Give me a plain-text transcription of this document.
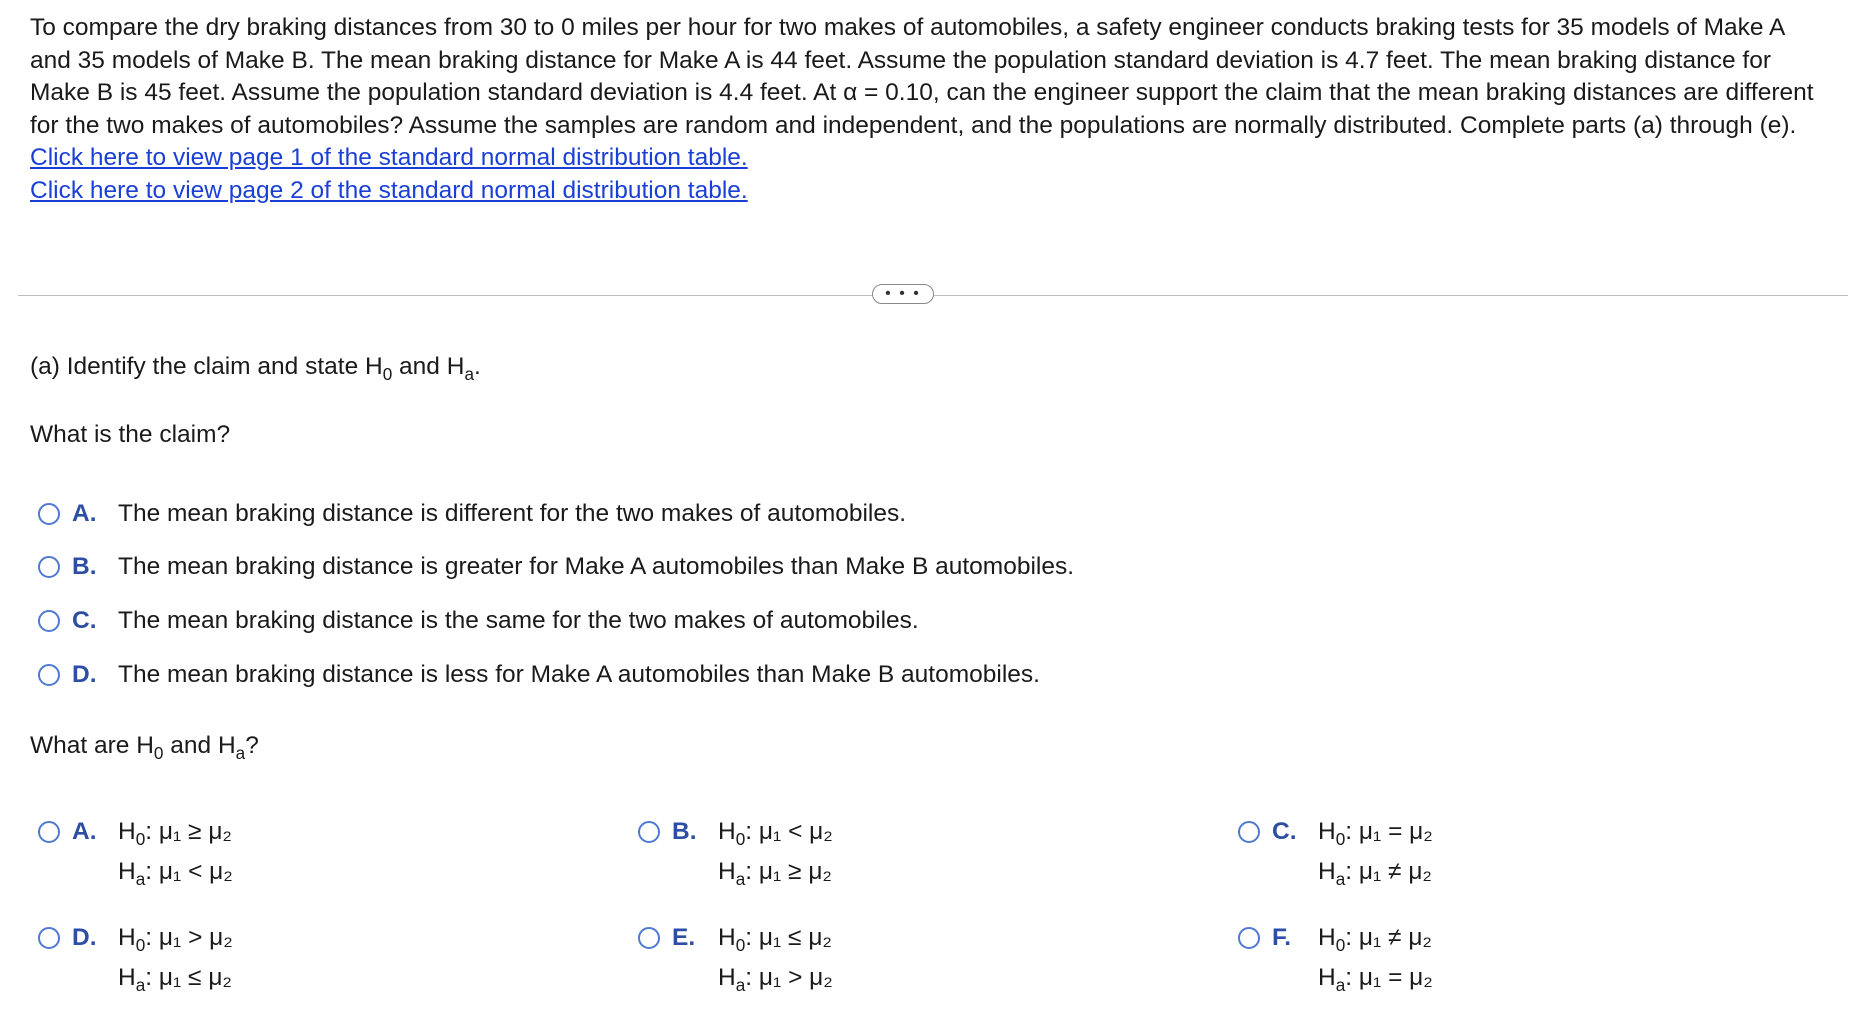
To compare the dry braking distances from 30 to 0 miles per hour for two makes of automobiles, a safety engineer conducts braking tests for 35 models of Make A and 35 models of Make B. The mean braking distance for Make A is 44 feet. Assume the population standard deviation is 4.7 feet. The mean braking distance for Make B is 45 feet. Assume the population standard deviation is 4.4 feet. At α = 0.10, can the engineer support the claim that the mean braking distances are different for the two makes of automobiles? Assume the samples are random and independent, and the populations are normally distributed. Complete parts (a) through (e).

Click here to view page 1 of the standard normal distribution table.
Click here to view page 2 of the standard normal distribution table.
• • •
(a) Identify the claim and state $H_0$ and $H_a$.
What is the claim?
A. The mean braking distance is different for the two makes of automobiles.
B. The mean braking distance is greater for Make A automobiles than Make B automobiles.
C. The mean braking distance is the same for the two makes of automobiles.
D. The mean braking distance is less for Make A automobiles than Make B automobiles.
What are $H_0$ and $H_a$?
A. $H_0$: μ₁ ≥ μ₂
$H_a$: μ₁ < μ₂
B. $H_0$: μ₁ < μ₂
$H_a$: μ₁ ≥ μ₂
C. $H_0$: μ₁ = μ₂
$H_a$: μ₁ ≠ μ₂
D. $H_0$: μ₁ > μ₂
$H_a$: μ₁ ≤ μ₂
E. $H_0$: μ₁ ≤ μ₂
$H_a$: μ₁ > μ₂
F.	$H_0$: μ₁ ≠ μ₂
$H_a$: μ₁ = μ₂
